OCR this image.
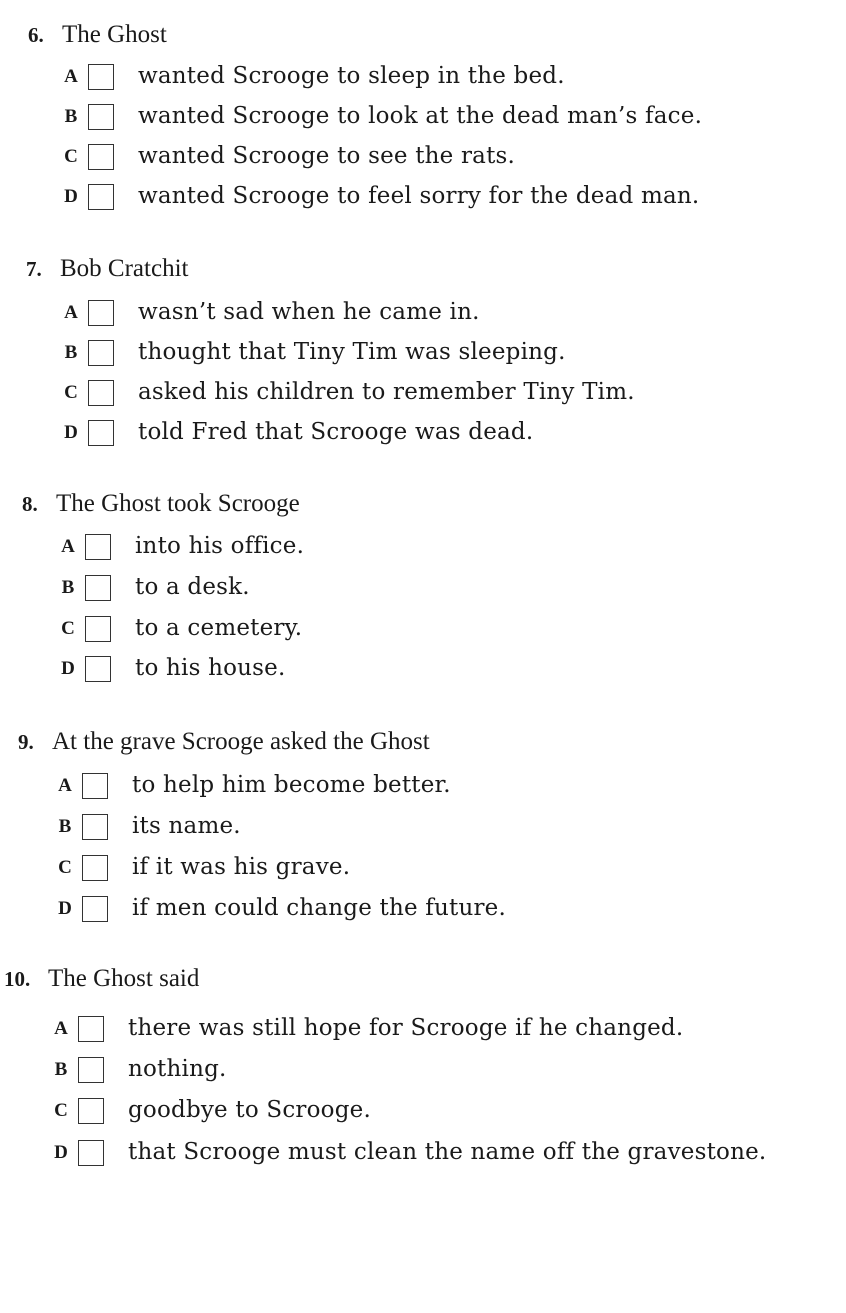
6. The Ghost
A	wanted Scrooge to sleep in the bed.
B	wanted Scrooge to look at the dead man’s face.
C	wanted Scrooge to see the rats.
D	wanted Scrooge to feel sorry for the dead man.
7. Bob Cratchit
A	wasn’t sad when he came in.
B	thought that Tiny Tim was sleeping.
C	asked his children to remember Tiny Tim.
D	told Fred that Scrooge was dead.
8. The Ghost took Scrooge
A	into his office.
B	to a desk.
C	to a cemetery.
D	to his house.
9. At the grave Scrooge asked the Ghost
A	to help him become better.
B	its name.
C	if it was his grave.
D	if men could change the future.
10. The Ghost said
A	there was still hope for Scrooge if he changed.
B	nothing.
C	goodbye to Scrooge.
D	that Scrooge must clean the name off the gravestone.
